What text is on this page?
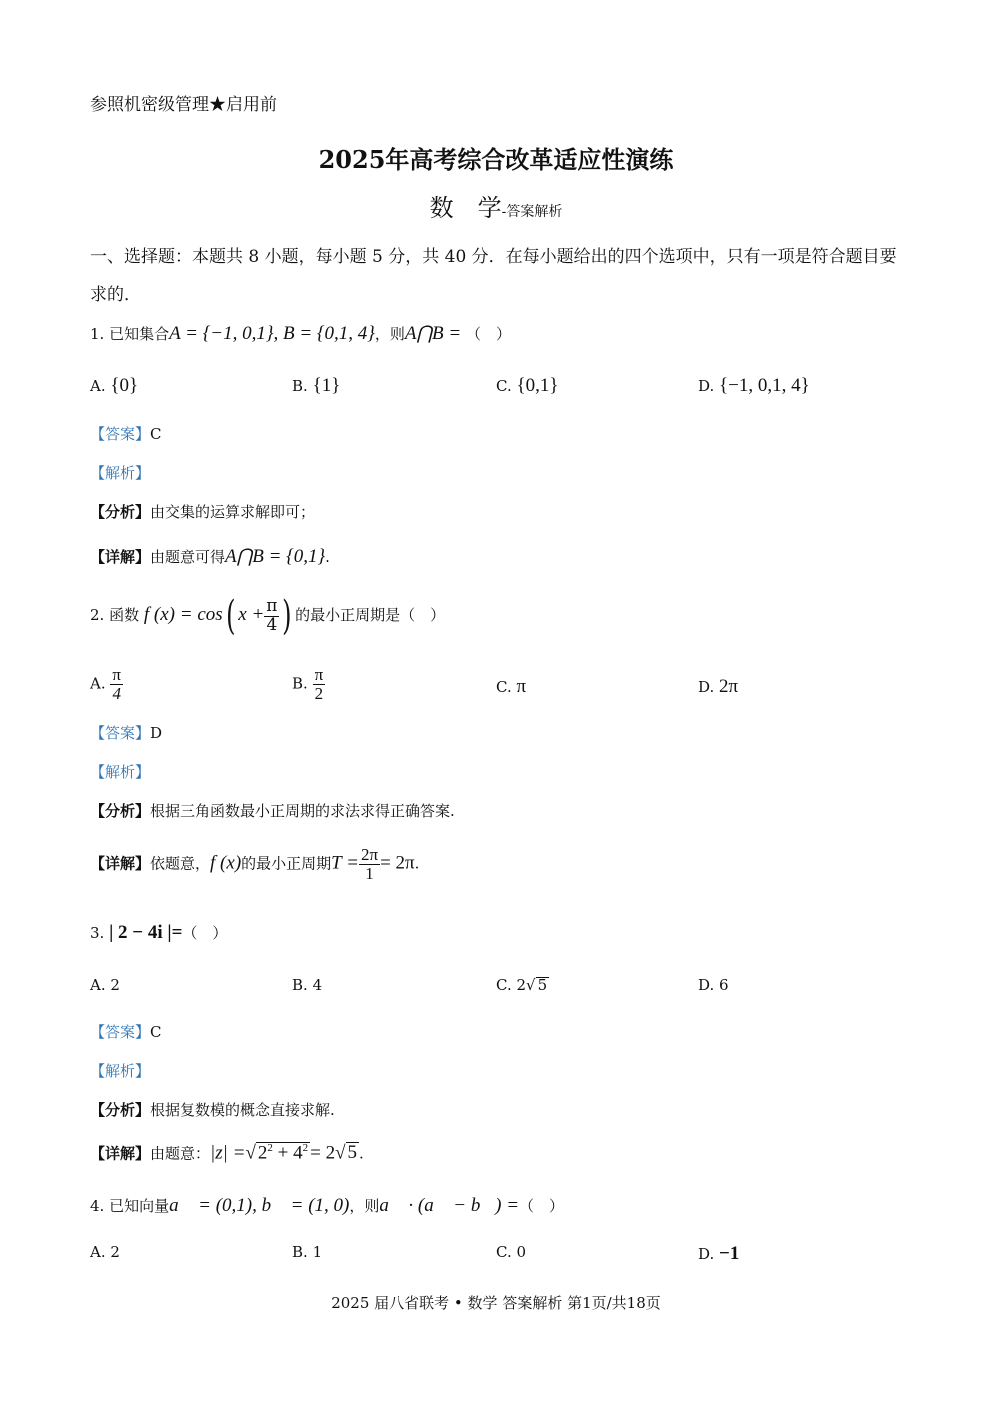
参照机密级管理★启用前
2025年高考综合改革适应性演练
数　学-答案解析
一、选择题：本题共 8 小题，每小题 5 分，共 40 分．在每小题给出的四个选项中，只有一项是符合题目要求的．
1. 已知集合A = {−1, 0,1}, B = {0,1, 4}，则A⋂B = （　）
A. {0}	B. {1}	C. {0,1}	D. {−1, 0,1, 4}
【答案】C
【解析】
【分析】由交集的运算求解即可；
【详解】由题意可得A⋂B = {0,1}.
2. 函数 f (x) = cos( $x + \frac{\pi}{4}$ ) 的最小正周期是（　）
A. $\frac{\pi}{4}$	B. $\frac{\pi}{2}$	C. π	D. 2π
【答案】D
【解析】
【分析】根据三角函数最小正周期的求法求得正确答案.
【详解】依题意，f (x)的最小正周期$T = \frac{2\pi}{1} = 2\pi$.
3. | 2 − 4i |=（　）
A. 2	B. 4	C. 2√ 5	D. 6
【答案】C
【解析】
【分析】根据复数模的概念直接求解.
【详解】由题意：|z| =√ $2^2 + 4^2 = 2√$ 5 .
4. 已知向量a⃗ = (0,1), b⃗ = (1, 0)，则a⃗ · (a⃗ − b⃗) =（　）
A. 2	B. 1	C. 0	D. −1
2025 届八省联考 • 数学 答案解析 第1页/共18页
